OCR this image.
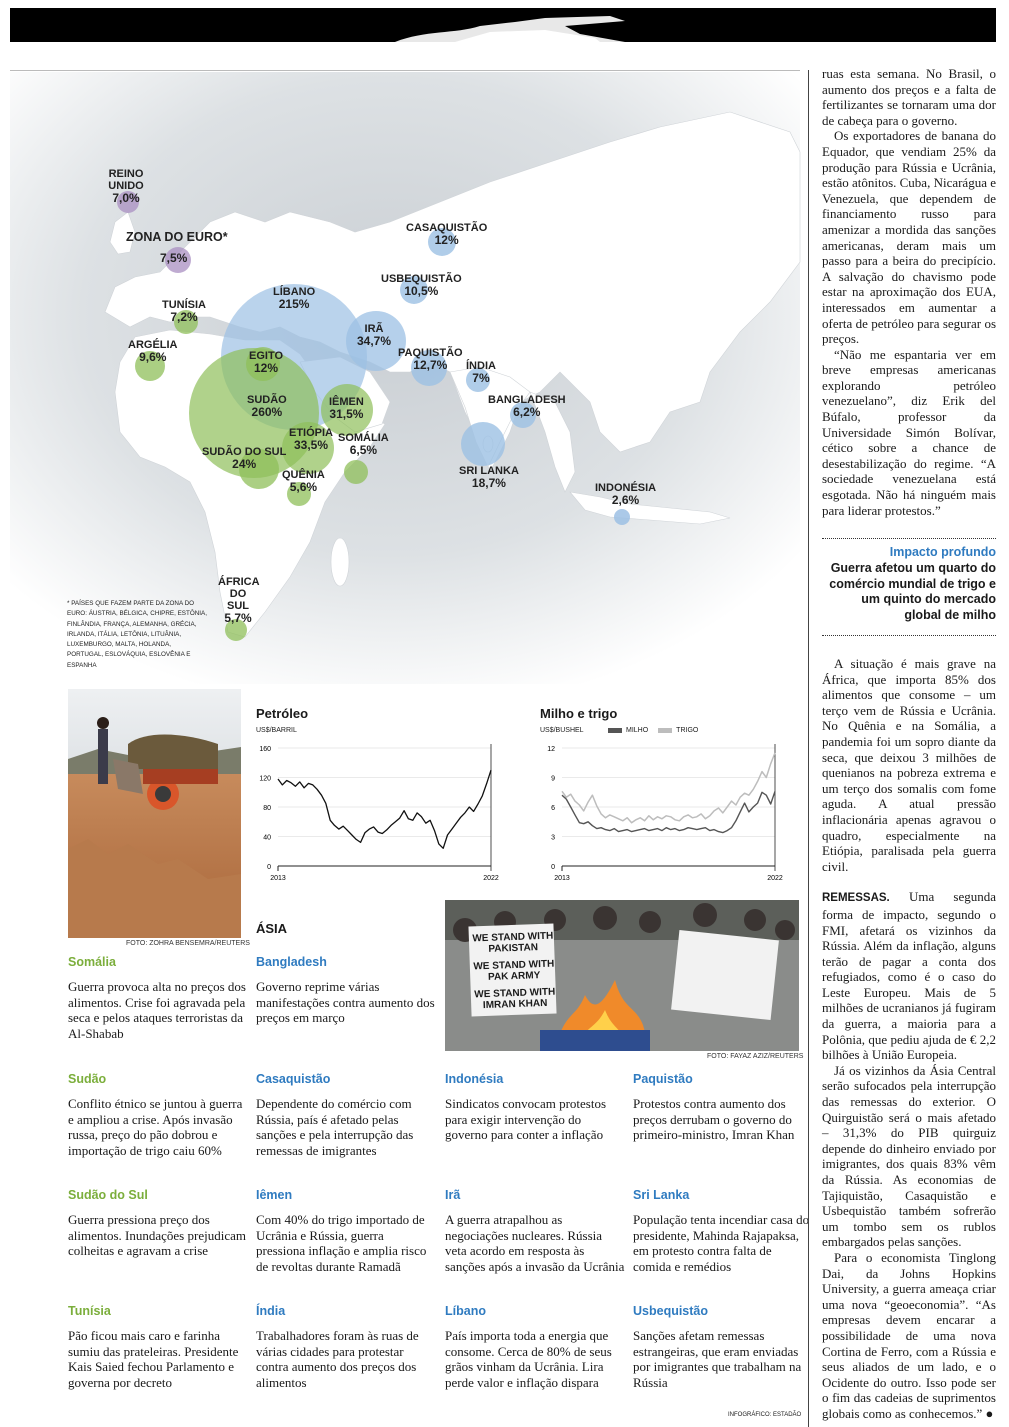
REINO UNIDO
7,0%
ZONA DO EURO*
7,5%
TUNÍSIA
7,2%
ARGÉLIA
9,6%
LÍBANO
215%
EGITO
12%
SUDÃO
260%
SUDÃO DO SUL
24%
ETIÓPIA
33,5%
IÊMEN
31,5%
SOMÁLIA
6,5%
QUÊNIA
5,6%
ÁFRICA DO SUL
5,7%
CASAQUISTÃO
12%
USBEQUISTÃO
10,5%
IRÃ
34,7%
PAQUISTÃO
12,7%	ÍNDIA
7%
BANGLADESH
6,2%
SRI LANKA
18,7%	INDONÉSIA
2,6%
* PAÍSES QUE FAZEM PARTE DA ZONA DO EURO: ÁUSTRIA, BÉLGICA, CHIPRE, ESTÔNIA, FINLÂNDIA, FRANÇA, ALEMANHA, GRÉCIA, IRLANDA, ITÁLIA, LETÔNIA, LITUÂNIA, LUXEMBURGO, MALTA, HOLANDA, PORTUGAL, ESLOVÁQUIA, ESLOVÊNIA E ESPANHA
FOTO: ZOHRA BENSEMRA/REUTERS
Petróleo
US$/BARRIL
0
40
80
120
160
2013	2022
Milho e trigo
US$/BUSHEL	MILHO	TRIGO
0
3
6
9
12
2013	2022
WE STAND WITH PAKISTAN
WE STAND WITH PAK ARMY
WE STAND WITH IMRAN KHAN
FOTO: FAYAZ AZIZ/REUTERS
ÁSIA
Somália
Guerra provoca alta no preços dos alimentos. Crise foi agravada pela seca e pelos ataques terroristas da Al-Shabab
Bangladesh
Governo reprime várias manifestações contra aumento dos preços em março
Sudão
Conflito étnico se juntou à guerra e ampliou a crise. Após invasão russa, preço do pão dobrou e importação de trigo caiu 60%
Casaquistão
Dependente do comércio com Rússia, país é afetado pelas sanções e pela interrupção das remessas de imigrantes
Indonésia
Sindicatos convocam protestos para exigir intervenção do governo para conter a inflação
Paquistão
Protestos contra aumento dos preços derrubam o governo do primeiro-ministro, Imran Khan
Sudão do Sul
Guerra pressiona preço dos alimentos. Inundações prejudicam colheitas e agravam a crise
Iêmen
Com 40% do trigo importado de Ucrânia e Rússia, guerra pressiona inflação e amplia risco de revoltas durante Ramadã
Irã
A guerra atrapalhou as negociações nucleares. Rússia veta acordo em resposta às sanções após a invasão da Ucrânia
Sri Lanka
População tenta incendiar casa do presidente, Mahinda Rajapaksa, em protesto contra falta de comida e remédios
Tunísia
Pão ficou mais caro e farinha sumiu das prateleiras. Presidente Kais Saied fechou Parlamento e governa por decreto
Índia
Trabalhadores foram às ruas de várias cidades para protestar contra aumento dos preços dos alimentos
Líbano
País importa toda a energia que consome. Cerca de 80% de seus grãos vinham da Ucrânia. Lira perde valor e inflação dispara
Usbequistão
Sanções afetam remessas estrangeiras, que eram enviadas por imigrantes que trabalham na Rússia
INFOGRÁFICO: ESTADÃO

ruas esta semana. No Brasil, o aumento dos preços e a falta de fertilizantes se tornaram uma dor de cabeça para o governo.

Os exportadores de banana do Equador, que vendiam 25% da produção para Rússia e Ucrânia, estão atônitos. Cuba, Nicarágua e Venezuela, que dependem de financiamento russo para amenizar a mordida das sanções americanas, deram mais um passo para a beira do precipício. A salvação do chavismo pode estar na aproximação dos EUA, interessados em aumentar a oferta de petróleo para segurar os preços.

“Não me espantaria ver em breve empresas americanas explorando petróleo venezuelano”, diz Erik del Búfalo, professor da Universidade Simón Bolívar, cético sobre a chance de desestabilização do regime. “A sociedade venezuelana está esgotada. Não há ninguém mais para liderar protestos.”

Impacto profundo
Guerra afetou um quarto do comércio mundial de trigo e um quinto do mercado global de milho

A situação é mais grave na África, que importa 85% dos alimentos que consome – um terço vem de Rússia e Ucrânia. No Quênia e na Somália, a pandemia foi um sopro diante da seca, que deixou 3 milhões de quenianos na pobreza extrema e um terço dos somalis com fome aguda. A atual pressão inflacionária apenas agravou o quadro, especialmente na Etiópia, paralisada pela guerra civil.

REMESSAS. Uma segunda forma de impacto, segundo o FMI, afetará os vizinhos da Rússia. Além da inflação, alguns terão de pagar a conta dos refugiados, como é o caso do Leste Europeu. Mais de 5 milhões de ucranianos já fugiram da guerra, a maioria para a Polônia, que pediu ajuda de € 2,2 bilhões à União Europeia.

Já os vizinhos da Ásia Central serão sufocados pela interrupção das remessas do exterior. O Quirguistão será o mais afetado – 31,3% do PIB quirguiz depende do dinheiro enviado por imigrantes, dos quais 83% vêm da Rússia. As economias de Tajiquistão, Casaquistão e Usbequistão também sofrerão um tombo sem os rublos embargados pelas sanções.

Para o economista Tinglong Dai, da Johns Hopkins University, a guerra ameaça criar uma nova “geoeconomia”. “As empresas devem encarar a possibilidade de uma nova Cortina de Ferro, com a Rússia e seus aliados de um lado, e o Ocidente do outro. Isso pode ser o fim das cadeias de suprimentos globais como as conhecemos.” ●
